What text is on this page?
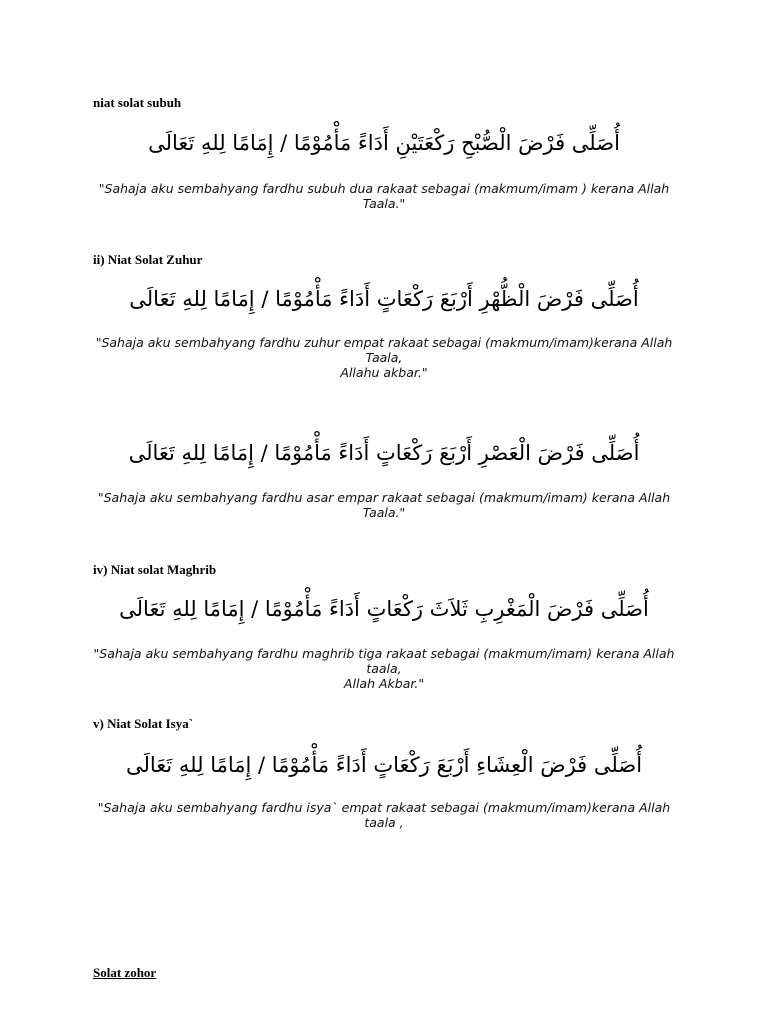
niat solat subuh
أُصَلِّى فَرْضَ الْصُّبْحِ رَكْعَتَيْنِ أَدَاءً مَأْمُوْمًا / إِمَامًا لِلهِ تَعَالَى
"Sahaja aku sembahyang fardhu subuh dua rakaat sebagai (makmum/imam ) kerana Allah
Taala."
ii) Niat Solat Zuhur
أُصَلِّى فَرْضَ الْظُّهْرِ أَرْبَعَ رَكْعَاتٍ أَدَاءً مَأْمُوْمًا / إِمَامًا لِلهِ تَعَالَى
"Sahaja aku sembahyang fardhu zuhur empat rakaat sebagai (makmum/imam)kerana Allah
Taala,
Allahu akbar."
أُصَلِّى فَرْضَ الْعَصْرِ أَرْبَعَ رَكْعَاتٍ أَدَاءً مَأْمُوْمًا / إِمَامًا لِلهِ تَعَالَى
"Sahaja aku sembahyang fardhu asar empar rakaat sebagai (makmum/imam) kerana Allah
Taala."
iv) Niat solat Maghrib
أُصَلِّى فَرْضَ الْمَغْرِبِ ثَلاَثَ رَكْعَاتٍ أَدَاءً مَأْمُوْمًا / إِمَامًا لِلهِ تَعَالَى
"Sahaja aku sembahyang fardhu maghrib tiga rakaat sebagai (makmum/imam) kerana Allah
taala,
Allah Akbar."
v) Niat Solat Isya`
أُصَلِّى فَرْضَ الْعِشَاءِ أَرْبَعَ رَكْعَاتٍ أَدَاءً مَأْمُوْمًا / إِمَامًا لِلهِ تَعَالَى
"Sahaja aku sembahyang fardhu isya` empat rakaat sebagai (makmum/imam)kerana Allah
taala ,
Solat zohor
